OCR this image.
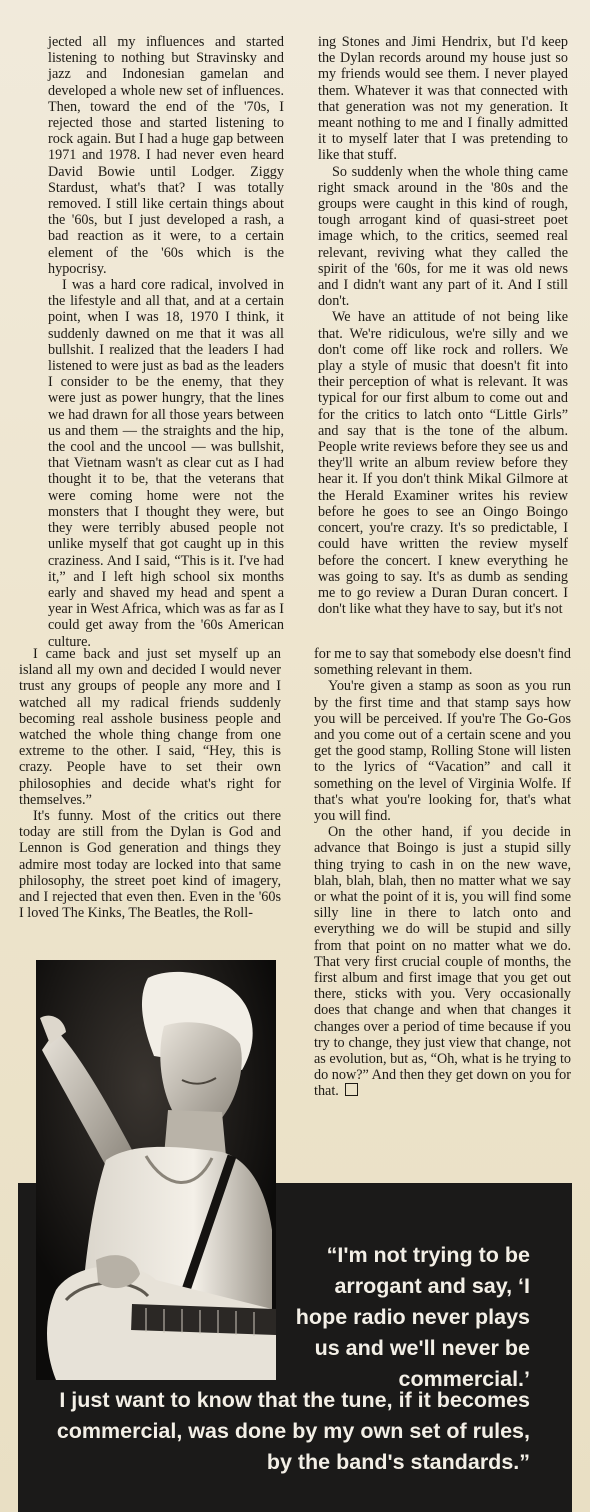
jected all my influences and started listening to nothing but Stravinsky and jazz and Indonesian gamelan and developed a whole new set of influences. Then, toward the end of the '70s, I rejected those and started listening to rock again. But I had a huge gap between 1971 and 1978. I had never even heard David Bowie until Lodger. Ziggy Stardust, what's that? I was totally removed. I still like certain things about the '60s, but I just developed a rash, a bad reaction as it were, to a certain element of the '60s which is the hypocrisy.

I was a hard core radical, involved in the lifestyle and all that, and at a certain point, when I was 18, 1970 I think, it suddenly dawned on me that it was all bullshit. I realized that the leaders I had listened to were just as bad as the leaders I consider to be the enemy, that they were just as power hungry, that the lines we had drawn for all those years between us and them — the straights and the hip, the cool and the uncool — was bullshit, that Vietnam wasn't as clear cut as I had thought it to be, that the veterans that were coming home were not the monsters that I thought they were, but they were terribly abused people not unlike myself that got caught up in this craziness. And I said, “This is it. I've had it,” and I left high school six months early and shaved my head and spent a year in West Africa, which was as far as I could get away from the '60s American culture.

ing Stones and Jimi Hendrix, but I'd keep the Dylan records around my house just so my friends would see them. I never played them. Whatever it was that connected with that generation was not my generation. It meant nothing to me and I finally admitted it to myself later that I was pretending to like that stuff.

So suddenly when the whole thing came right smack around in the '80s and the groups were caught in this kind of rough, tough arrogant kind of quasi-street poet image which, to the critics, seemed real relevant, reviving what they called the spirit of the '60s, for me it was old news and I didn't want any part of it. And I still don't.

We have an attitude of not being like that. We're ridiculous, we're silly and we don't come off like rock and rollers. We play a style of music that doesn't fit into their perception of what is relevant. It was typical for our first album to come out and for the critics to latch onto “Little Girls” and say that is the tone of the album. People write reviews before they see us and they'll write an album review before they hear it. If you don't think Mikal Gilmore at the Herald Examiner writes his review before he goes to see an Oingo Boingo concert, you're crazy. It's so predictable, I could have written the review myself before the concert. I knew everything he was going to say. It's as dumb as sending me to go review a Duran Duran concert. I don't like what they have to say, but it's not

I came back and just set myself up an island all my own and decided I would never trust any groups of people any more and I watched all my radical friends suddenly becoming real asshole business people and watched the whole thing change from one extreme to the other. I said, “Hey, this is crazy. People have to set their own philosophies and decide what's right for themselves.”

It's funny. Most of the critics out there today are still from the Dylan is God and Lennon is God generation and things they admire most today are locked into that same philosophy, the street poet kind of imagery, and I rejected that even then. Even in the '60s I loved The Kinks, The Beatles, the Roll-

for me to say that somebody else doesn't find something relevant in them.

You're given a stamp as soon as you run by the first time and that stamp says how you will be perceived. If you're The Go-Gos and you come out of a certain scene and you get the good stamp, Rolling Stone will listen to the lyrics of “Vacation” and call it something on the level of Virginia Wolfe. If that's what you're looking for, that's what you will find.

On the other hand, if you decide in advance that Boingo is just a stupid silly thing trying to cash in on the new wave, blah, blah, blah, then no matter what we say or what the point of it is, you will find some silly line in there to latch onto and everything we do will be stupid and silly from that point on no matter what we do. That very first crucial couple of months, the first album and first image that you get out there, sticks with you. Very occasionally does that change and when that changes it changes over a period of time because if you try to change, they just view that change, not as evolution, but as, “Oh, what is he trying to do now?” And then they get down on you for that.

“I'm not trying to be arrogant and say, ‘I hope radio never plays us and we'll never be commercial.’
I just want to know that the tune, if it becomes commercial, was done by my own set of rules, by the band's standards.”
